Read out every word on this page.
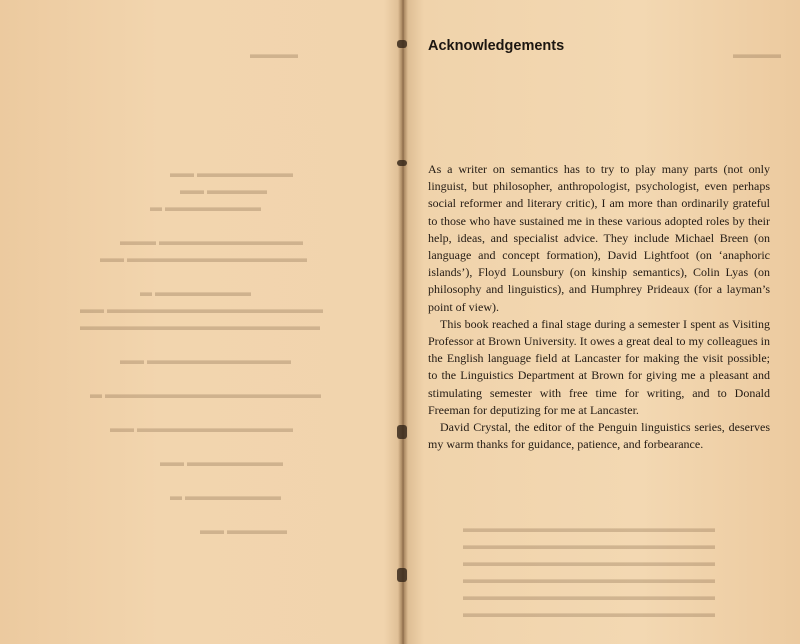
▬▬▬▬
▬▬▬▬▬▬▬▬ ▬▬
▬▬▬▬▬ ▬▬
▬▬▬▬▬▬▬▬ ▬
▬▬▬▬▬▬▬▬▬▬▬▬ ▬▬▬
▬▬▬▬▬▬▬▬▬▬▬▬▬▬▬ ▬▬
▬▬▬▬▬▬▬▬ ▬
▬▬▬▬▬▬▬▬▬▬▬▬▬▬▬▬▬▬ ▬▬
▬▬▬▬▬▬▬▬▬▬▬▬▬▬▬▬▬▬▬▬
▬▬▬▬▬▬▬▬▬▬▬▬ ▬▬
▬▬▬▬▬▬▬▬▬▬▬▬▬▬▬▬▬▬ ▬
▬▬▬▬▬▬▬▬▬▬▬▬▬ ▬▬
▬▬▬▬▬▬▬▬ ▬▬
▬▬▬▬▬▬▬▬ ▬
▬▬▬▬▬ ▬▬
▬▬▬▬
▬▬▬▬▬▬▬▬▬▬▬▬▬▬▬▬▬▬▬▬▬
▬▬▬▬▬▬▬▬▬▬▬▬▬▬▬▬▬▬▬▬▬
▬▬▬▬▬▬▬▬▬▬▬▬▬▬▬▬▬▬▬▬▬
▬▬▬▬▬▬▬▬▬▬▬▬▬▬▬▬▬▬▬▬▬
▬▬▬▬▬▬▬▬▬▬▬▬▬▬▬▬▬▬▬▬▬
▬▬▬▬▬▬▬▬▬▬▬▬▬▬▬▬▬▬▬▬▬
Acknowledgements

As a writer on semantics has to try to play many parts (not only linguist, but philosopher, anthropologist, psychologist, even perhaps social reformer and literary critic), I am more than ordinarily grateful to those who have sustained me in these various adopted roles by their help, ideas, and specialist advice. They include Michael Breen (on language and concept formation), David Lightfoot (on ‘anaphoric islands’), Floyd Lounsbury (on kinship semantics), Colin Lyas (on philosophy and linguistics), and Humphrey Prideaux (for a layman’s point of view).

This book reached a final stage during a semester I spent as Visiting Professor at Brown University. It owes a great deal to my colleagues in the English language field at Lancaster for making the visit possible; to the Linguistics Department at Brown for giving me a pleasant and stimulating semester with free time for writing, and to Donald Freeman for deputizing for me at Lancaster.

David Crystal, the editor of the Penguin linguistics series, deserves my warm thanks for guidance, patience, and forbearance.
